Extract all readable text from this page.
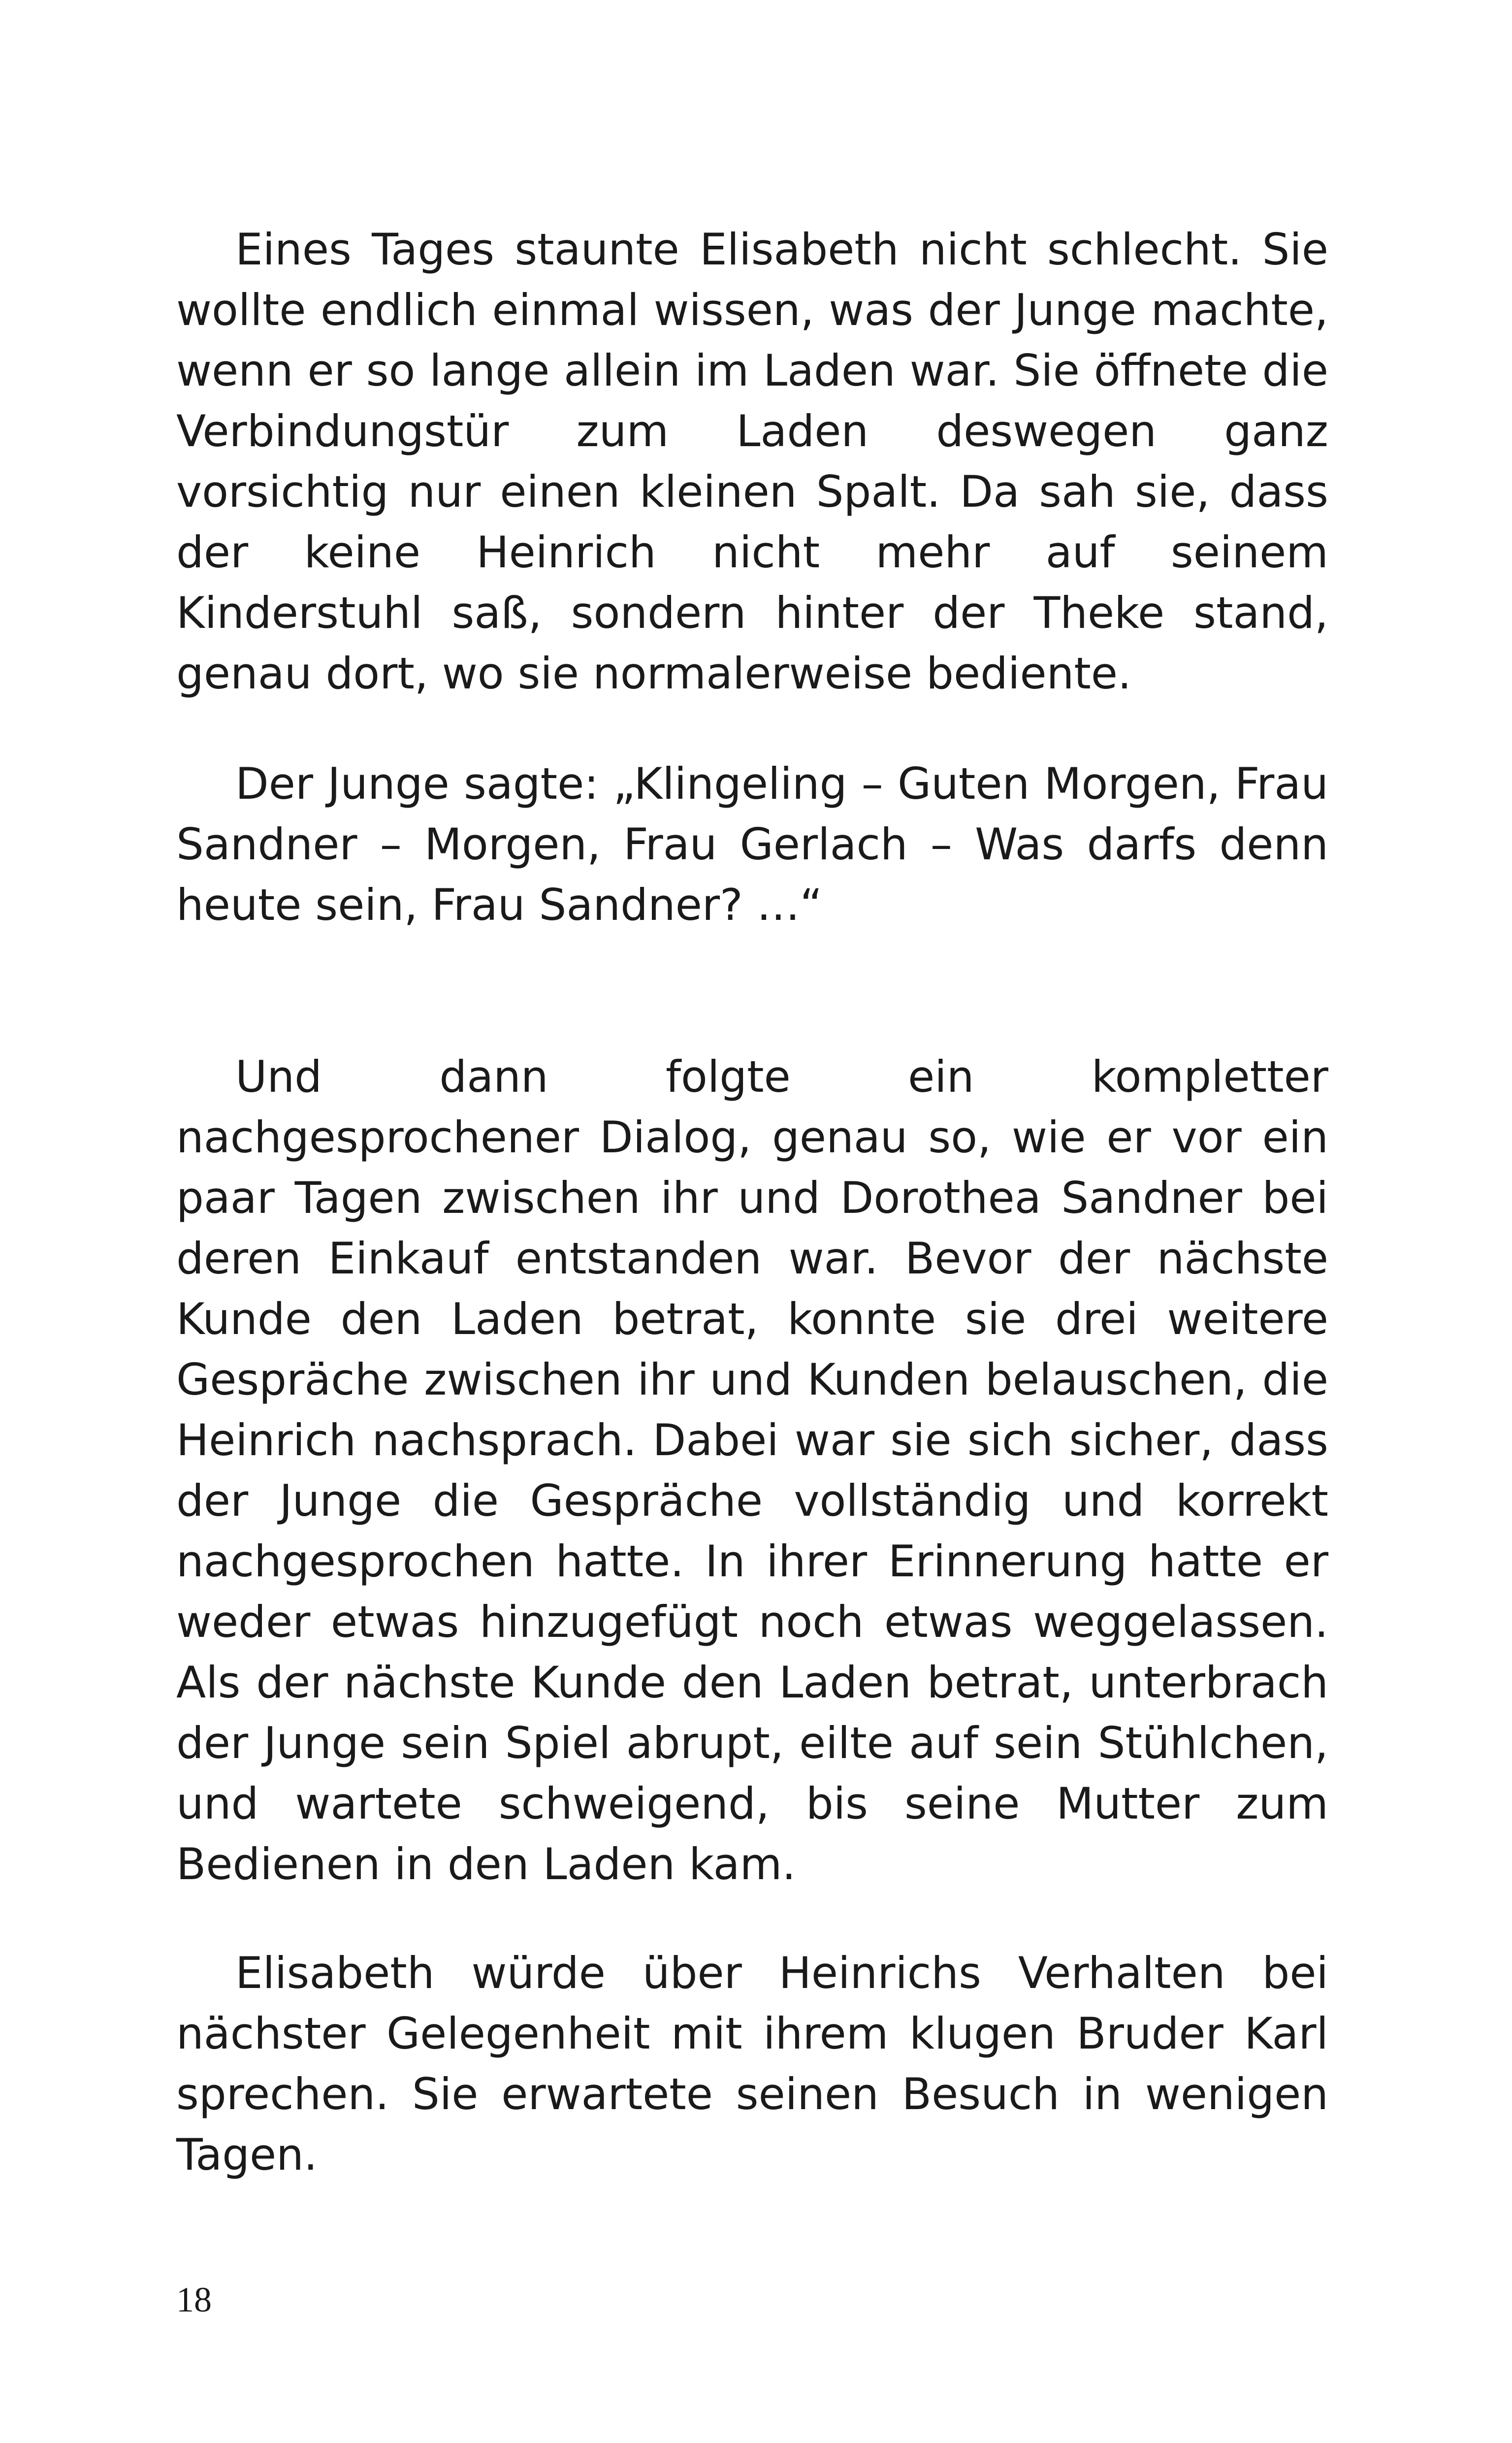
Eines Tages staunte Elisabeth nicht schlecht. Sie wollte endlich einmal wissen, was der Junge machte, wenn er so lange allein im Laden war. Sie öffnete die Verbindungstür zum Laden deswegen ganz vorsichtig nur einen kleinen Spalt. Da sah sie, dass der keine Heinrich nicht mehr auf seinem Kinderstuhl saß, sondern hinter der Theke stand, genau dort, wo sie normalerweise bediente.

Der Junge sagte: „Klingeling – Guten Morgen, Frau Sandner – Morgen, Frau Gerlach – Was darfs denn heute sein, Frau Sandner? …“

Und dann folgte ein kompletter nachgesprochener Dialog, genau so, wie er vor ein paar Tagen zwischen ihr und Dorothea Sandner bei deren Einkauf entstanden war. Bevor der nächste Kunde den Laden betrat, konnte sie drei weitere Gespräche zwischen ihr und Kunden belauschen, die Heinrich nachsprach. Dabei war sie sich sicher, dass der Junge die Gespräche vollständig und korrekt nachgesprochen hatte. In ihrer Erinnerung hatte er weder etwas hinzugefügt noch etwas weggelassen. Als der nächste Kunde den Laden betrat, unterbrach der Junge sein Spiel abrupt, eilte auf sein Stühlchen, und wartete schweigend, bis seine Mutter zum Bedienen in den Laden kam.

Elisabeth würde über Heinrichs Verhalten bei nächster Gelegenheit mit ihrem klugen Bruder Karl sprechen. Sie erwartete seinen Besuch in wenigen Tagen.

18
